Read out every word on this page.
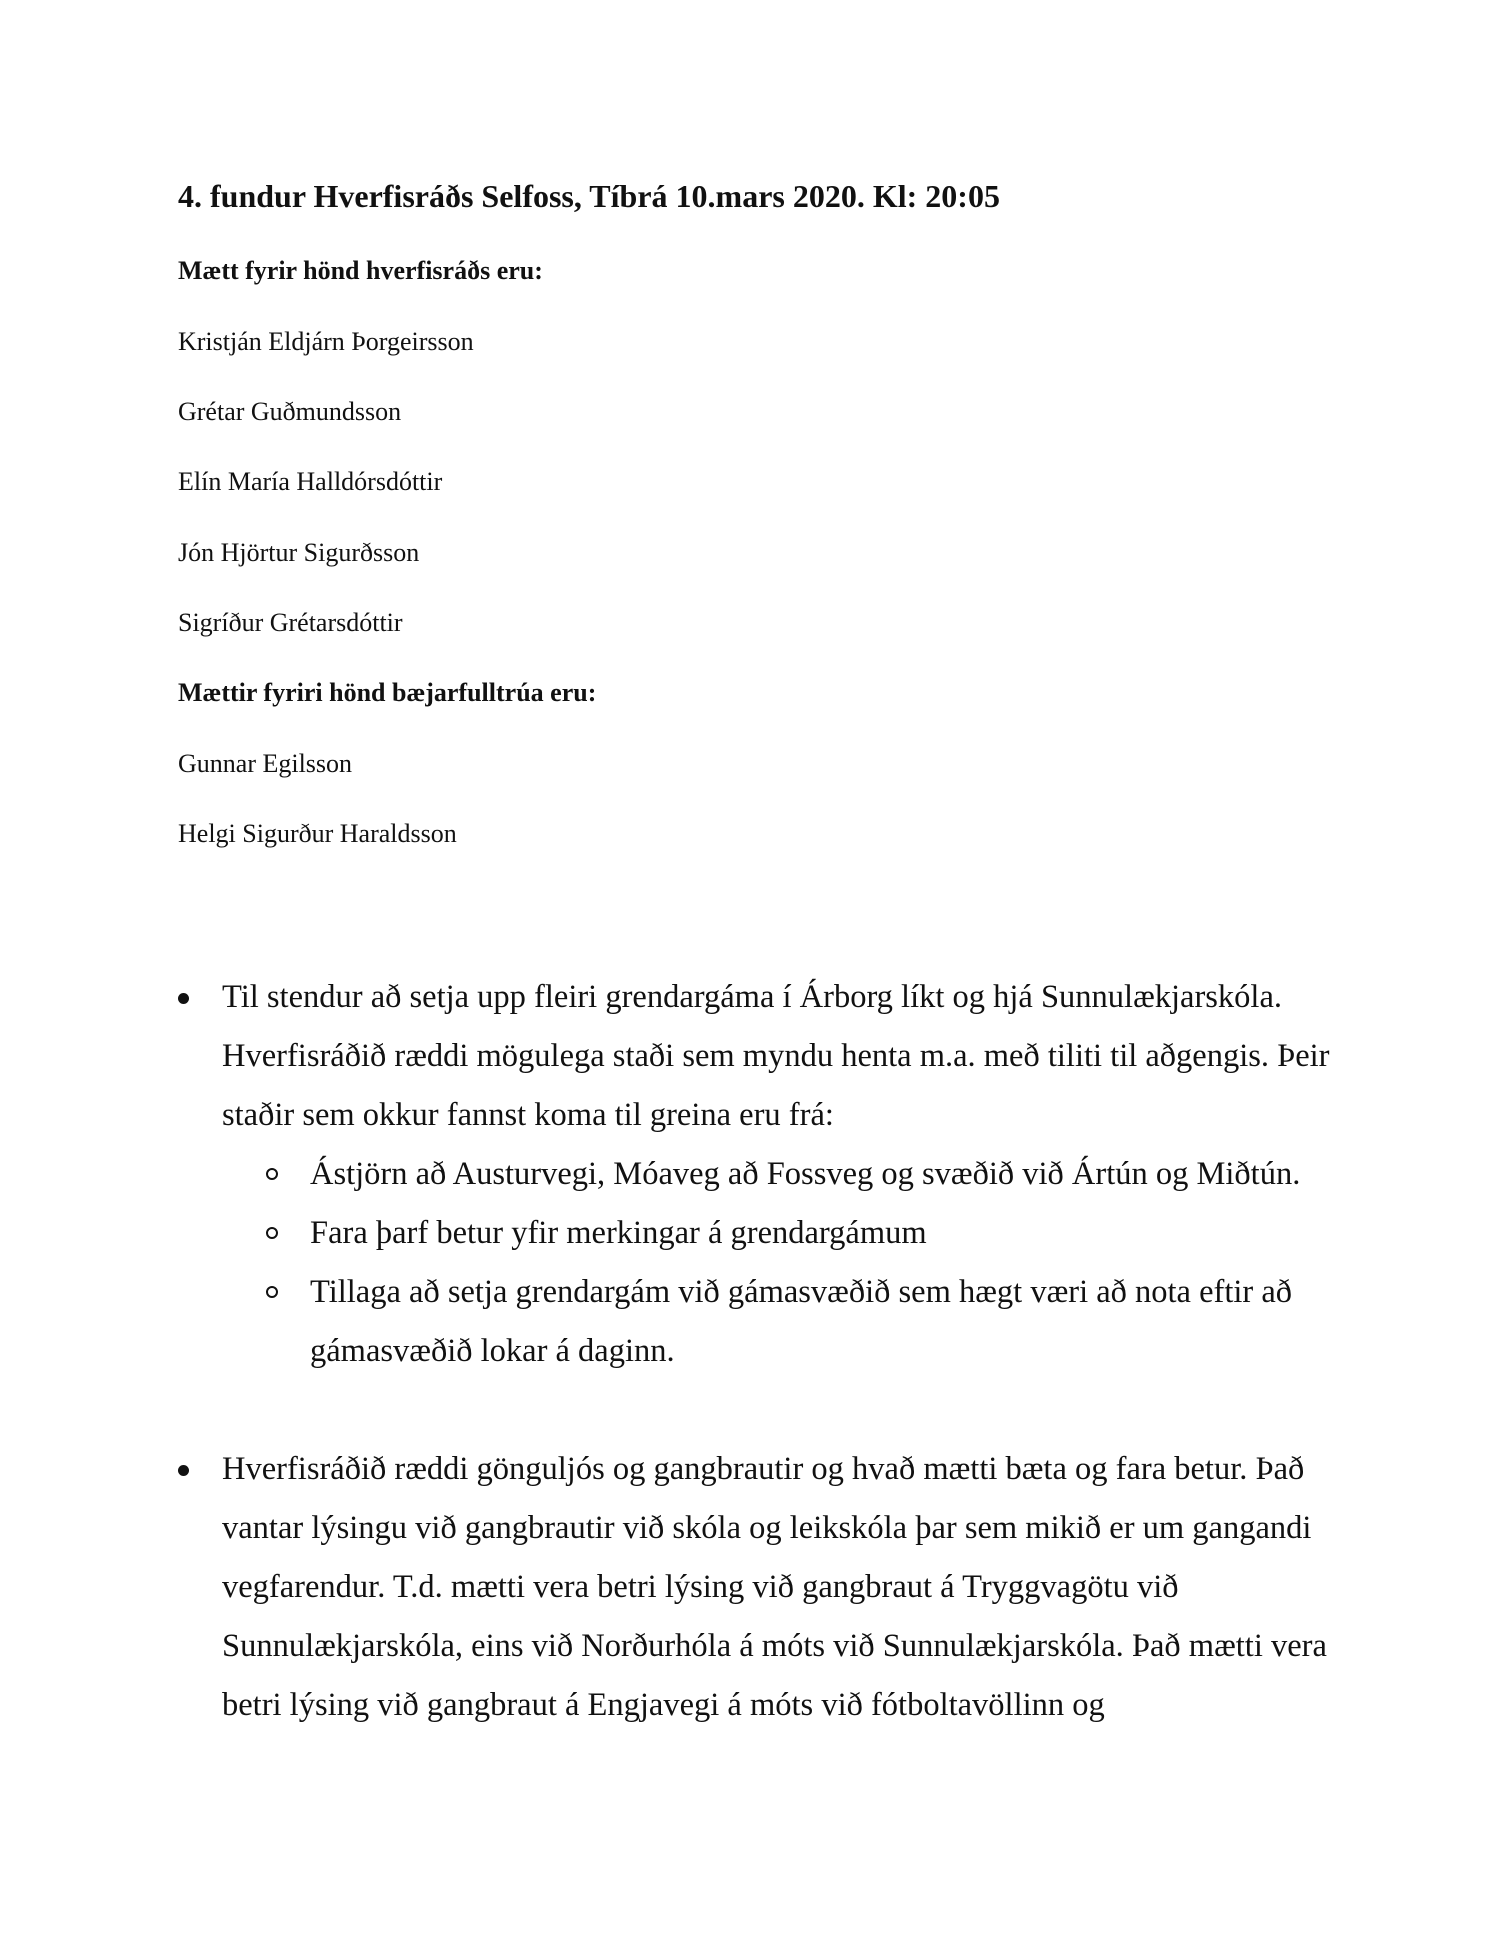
4. fundur Hverfisráðs Selfoss, Tíbrá 10.mars 2020. Kl: 20:05

Mætt fyrir hönd hverfisráðs eru:

Kristján Eldjárn Þorgeirsson

Grétar Guðmundsson

Elín María Halldórsdóttir

Jón Hjörtur Sigurðsson

Sigríður Grétarsdóttir

Mættir fyriri hönd bæjarfulltrúa eru:

Gunnar Egilsson

Helgi Sigurður Haraldsson

Til stendur að setja upp fleiri grendargáma í Árborg líkt og hjá Sunnulækjarskóla. Hverfisráðið ræddi mögulega staði sem myndu henta m.a. með tiliti til aðgengis. Þeir staðir sem okkur fannst koma til greina eru frá:
Ástjörn að Austurvegi, Móaveg að Fossveg og svæðið við Ártún og Miðtún.
Fara þarf betur yfir merkingar á grendargámum
Tillaga að setja grendargám við gámasvæðið sem hægt væri að nota eftir að gámasvæðið lokar á daginn.
Hverfisráðið ræddi gönguljós og gangbrautir og hvað mætti bæta og fara betur. Það vantar lýsingu við gangbrautir við skóla og leikskóla þar sem mikið er um gangandi vegfarendur. T.d. mætti vera betri lýsing við gangbraut á Tryggvagötu við Sunnulækjarskóla, eins við Norðurhóla á móts við Sunnulækjarskóla. Það mætti vera betri lýsing við gangbraut á Engjavegi á móts við fótboltavöllinn og
